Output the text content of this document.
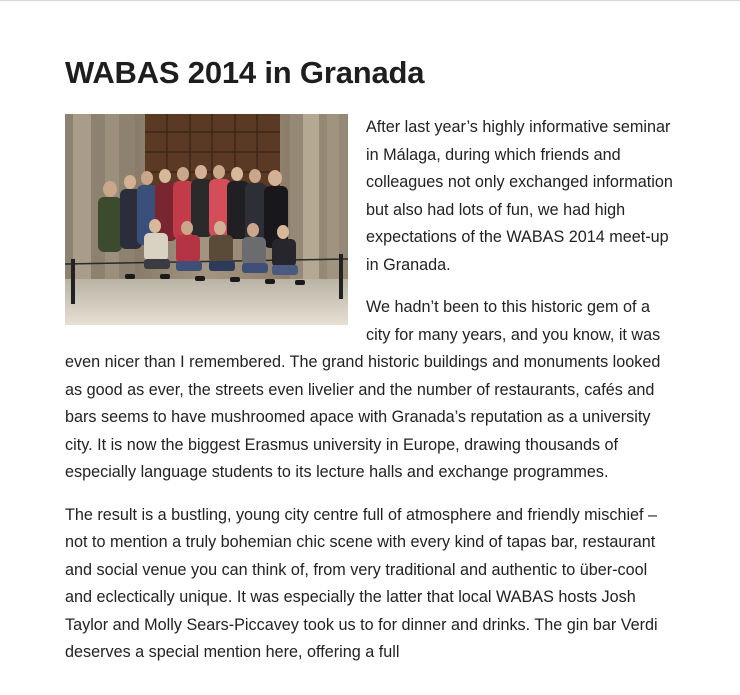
WABAS 2014 in Granada

After last year’s highly informative seminar in Málaga, during which friends and colleagues not only exchanged information but also had lots of fun, we had high expectations of the WABAS 2014 meet-up in Granada.

We hadn’t been to this historic gem of a city for many years, and you know, it was even nicer than I remembered. The grand historic buildings and monuments looked as good as ever, the streets even livelier and the number of restaurants, cafés and bars seems to have mushroomed apace with Granada’s reputation as a university city. It is now the biggest Erasmus university in Europe, drawing thousands of especially language students to its lecture halls and exchange programmes.

The result is a bustling, young city centre full of atmosphere and friendly mischief – not to mention a truly bohemian chic scene with every kind of tapas bar, restaurant and social venue you can think of, from very traditional and authentic to über-cool and eclectically unique. It was especially the latter that local WABAS hosts Josh Taylor and Molly Sears-Piccavey took us to for dinner and drinks. The gin bar Verdi deserves a special mention here, offering a full
